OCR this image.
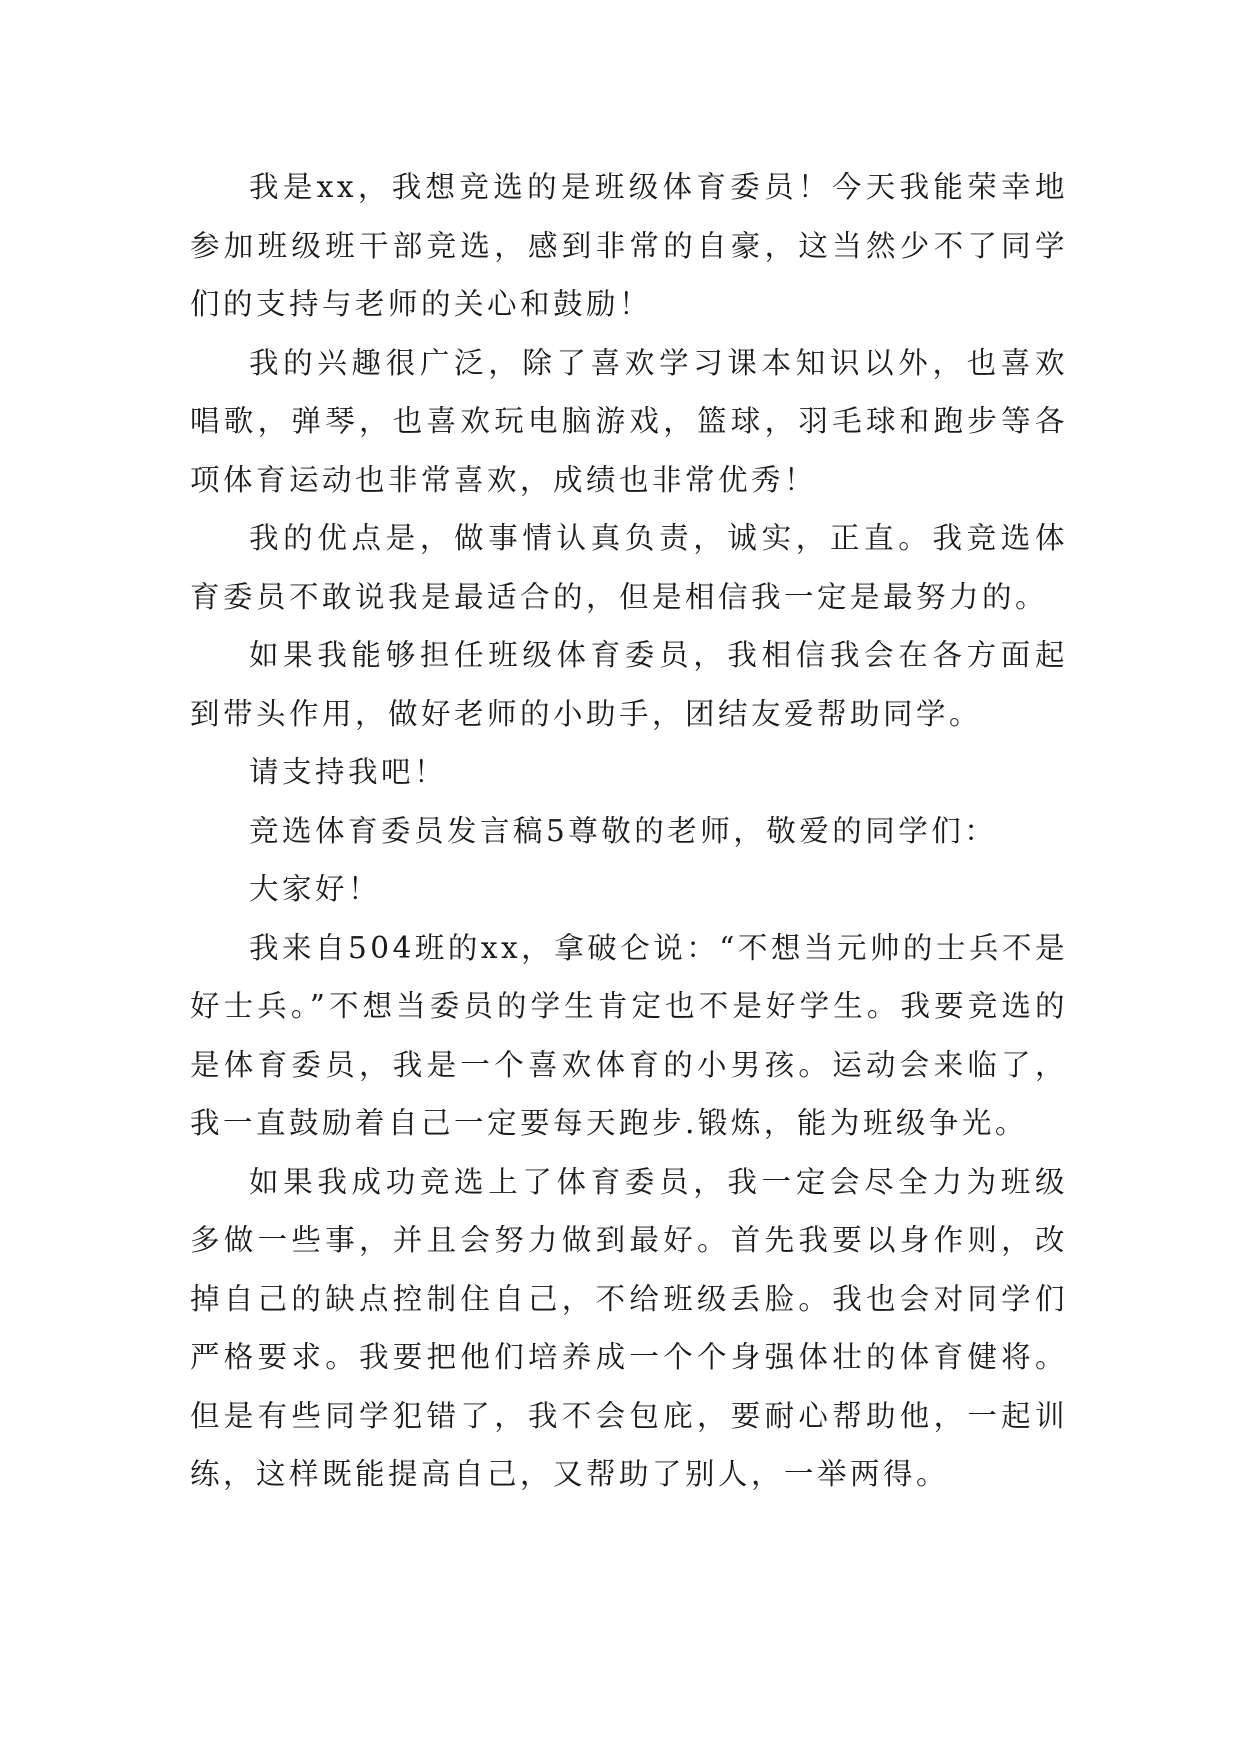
我是xx，我想竞选的是班级体育委员！今天我能荣幸地参加班级班干部竞选，感到非常的自豪，这当然少不了同学们的支持与老师的关心和鼓励！

我的兴趣很广泛，除了喜欢学习课本知识以外，也喜欢唱歌，弹琴，也喜欢玩电脑游戏，篮球，羽毛球和跑步等各项体育运动也非常喜欢，成绩也非常优秀！

我的优点是，做事情认真负责，诚实，正直。我竞选体育委员不敢说我是最适合的，但是相信我一定是最努力的。

如果我能够担任班级体育委员，我相信我会在各方面起到带头作用，做好老师的小助手，团结友爱帮助同学。

请支持我吧！

竞选体育委员发言稿5尊敬的老师，敬爱的同学们：

大家好！

我来自504班的xx，拿破仑说：“不想当元帅的士兵不是好士兵。”不想当委员的学生肯定也不是好学生。我要竞选的是体育委员，我是一个喜欢体育的小男孩。运动会来临了，我一直鼓励着自己一定要每天跑步.锻炼，能为班级争光。

如果我成功竞选上了体育委员，我一定会尽全力为班级多做一些事，并且会努力做到最好。首先我要以身作则，改掉自己的缺点控制住自己，不给班级丢脸。我也会对同学们严格要求。我要把他们培养成一个个身强体壮的体育健将。但是有些同学犯错了，我不会包庇，要耐心帮助他，一起训练，这样既能提高自己，又帮助了别人，一举两得。
